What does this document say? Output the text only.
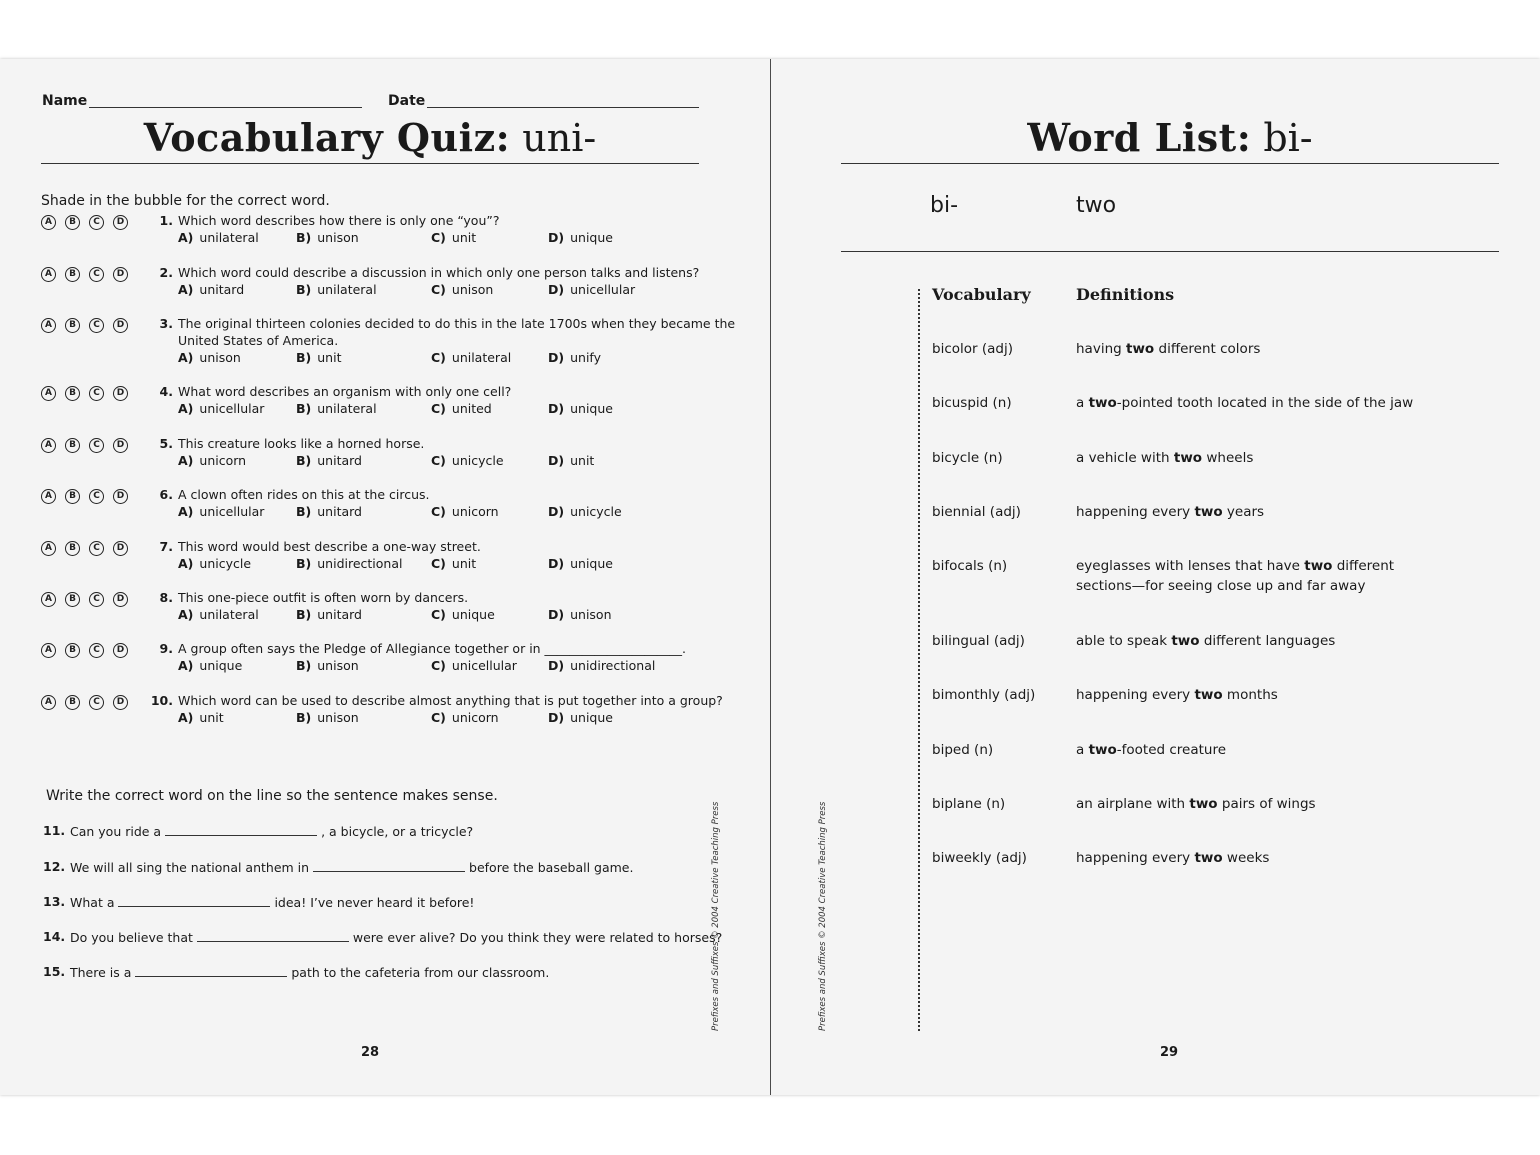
Name	Date
Vocabulary Quiz: uni-
Shade in the bubble for the correct word.
A B C D	1. Which word describes how there is only one “you”?
A) unilateral	B) unison	C) unit	D) unique
A B C D	2. Which word could describe a discussion in which only one person talks and listens?
A) unitard	B) unilateral	C) unison	D) unicellular
A B C D	3. The original thirteen colonies decided to do this in the late 1700s when they became the
United States of America.
A) unison	B) unit	C) unilateral	D) unify
A B C D	4. What word describes an organism with only one cell?
A) unicellular	B) unilateral	C) united	D) unique
A B C D	5. This creature looks like a horned horse.
A) unicorn	B) unitard	C) unicycle	D) unit
A B C D	6. A clown often rides on this at the circus.
A) unicellular	B) unitard	C) unicorn	D) unicycle
A B C D	7. This word would best describe a one-way street.
A) unicycle	B) unidirectional C) unit	D) unique
A B C D	8. This one-piece outfit is often worn by dancers.
A) unilateral	B) unitard	C) unique	D) unison
A B C D	9. A group often says the Pledge of Allegiance together or in ______________________.
A) unique	B) unison	C) unicellular D) unidirectional
A B C D	10. Which word can be used to describe almost anything that is put together into a group?
A) unit	B) unison	C) unicorn	D) unique
Write the correct word on the line so the sentence makes sense.
11. Can you ride a	, a bicycle, or a tricycle?
12. We will all sing the national anthem in	before the baseball game.
13. What a	idea! I’ve never heard it before!
14. Do you believe that	were ever alive? Do you think they were related to horses?
15. There is a	path to the cafeteria from our classroom.	Prefixes and Suffixes © 2004 Creative Teaching Press
28
Word List: bi-
bi-	two
Vocabulary	Definitions
bicolor (adj)	having two different colors
bicuspid (n)	a two-pointed tooth located in the side of the jaw
bicycle (n)	a vehicle with two wheels
biennial (adj)	happening every two years
bifocals (n)	eyeglasses with lenses that have two different sections—for seeing close up and far away
bilingual (adj)	able to speak two different languages
bimonthly (adj)	happening every two months
biped (n)	a two-footed creature
biplane (n)	an airplane with two pairs of wings
biweekly (adj)	happening every two weeks
Prefixes and Suffixes © 2004 Creative Teaching Press
29
